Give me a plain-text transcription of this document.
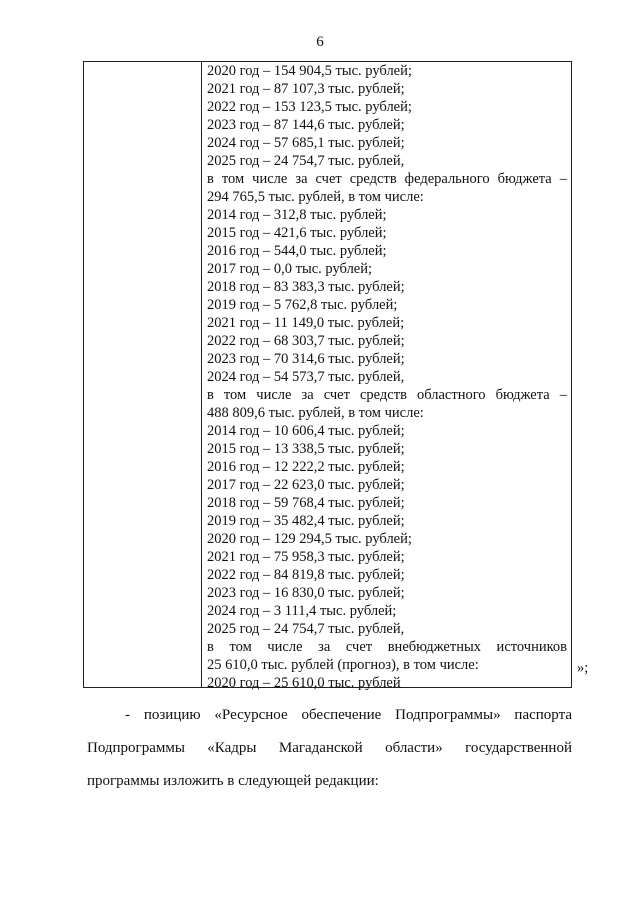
6
2020 год – 154 904,5 тыс. рублей;
2021 год – 87 107,3 тыс. рублей;
2022 год – 153 123,5 тыс. рублей;
2023 год – 87 144,6 тыс. рублей;
2024 год – 57 685,1 тыс. рублей;
2025 год – 24 754,7 тыс. рублей,
в том числе за счет средств федерального бюджета –
294 765,5 тыс. рублей, в том числе:
2014 год – 312,8 тыс. рублей;
2015 год – 421,6 тыс. рублей;
2016 год – 544,0 тыс. рублей;
2017 год – 0,0 тыс. рублей;
2018 год – 83 383,3 тыс. рублей;
2019 год – 5 762,8 тыс. рублей;
2021 год – 11 149,0 тыс. рублей;
2022 год – 68 303,7 тыс. рублей;
2023 год – 70 314,6 тыс. рублей;
2024 год – 54 573,7 тыс. рублей,
в том числе за счет средств областного бюджета –
488 809,6 тыс. рублей, в том числе:
2014 год – 10 606,4 тыс. рублей;
2015 год – 13 338,5 тыс. рублей;
2016 год – 12 222,2 тыс. рублей;
2017 год – 22 623,0 тыс. рублей;
2018 год – 59 768,4 тыс. рублей;
2019 год – 35 482,4 тыс. рублей;
2020 год – 129 294,5 тыс. рублей;
2021 год – 75 958,3 тыс. рублей;
2022 год – 84 819,8 тыс. рублей;
2023 год – 16 830,0 тыс. рублей;
2024 год – 3 111,4 тыс. рублей;
2025 год – 24 754,7 тыс. рублей,
в том числе за счет внебюджетных источников
25 610,0 тыс. рублей (прогноз), в том числе:
2020 год – 25 610,0 тыс. рублей
»;
- позицию «Ресурсное обеспечение Подпрограммы» паспорта
Подпрограммы «Кадры Магаданской области» государственной
программы изложить в следующей редакции:
